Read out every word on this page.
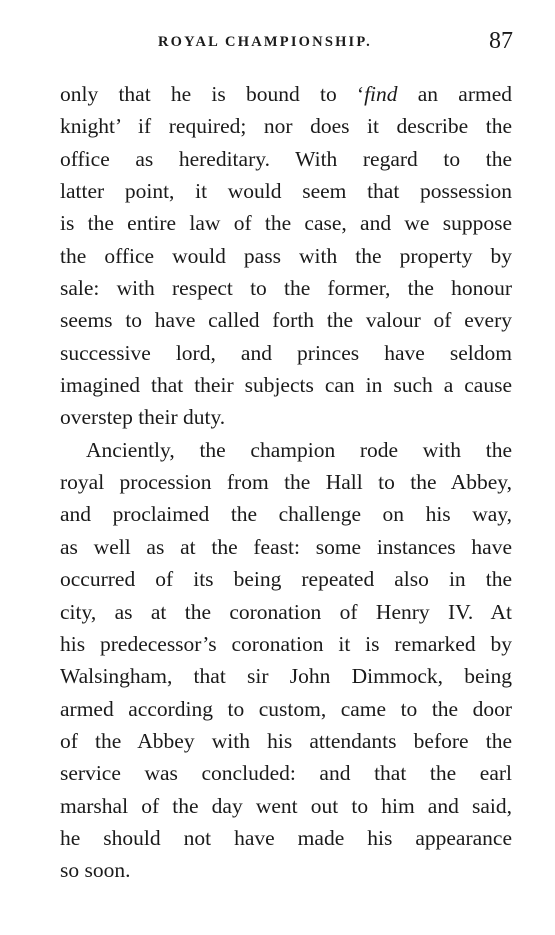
ROYAL CHAMPIONSHIP.	87
only that he is bound to ‘find an armed
knight’ if required; nor does it describe the
office as hereditary. With regard to the
latter point, it would seem that possession
is the entire law of the case, and we suppose
the office would pass with the property by
sale: with respect to the former, the honour
seems to have called forth the valour of every
successive lord, and princes have seldom
imagined that their subjects can in such a cause
overstep their duty.
Anciently, the champion rode with the
royal procession from the Hall to the Abbey,
and proclaimed the challenge on his way,
as well as at the feast: some instances have
occurred of its being repeated also in the
city, as at the coronation of Henry IV. At
his predecessor’s coronation it is remarked by
Walsingham, that sir John Dimmock, being
armed according to custom, came to the door
of the Abbey with his attendants before the
service was concluded: and that the earl
marshal of the day went out to him and said,
he should not have made his appearance
so soon.
